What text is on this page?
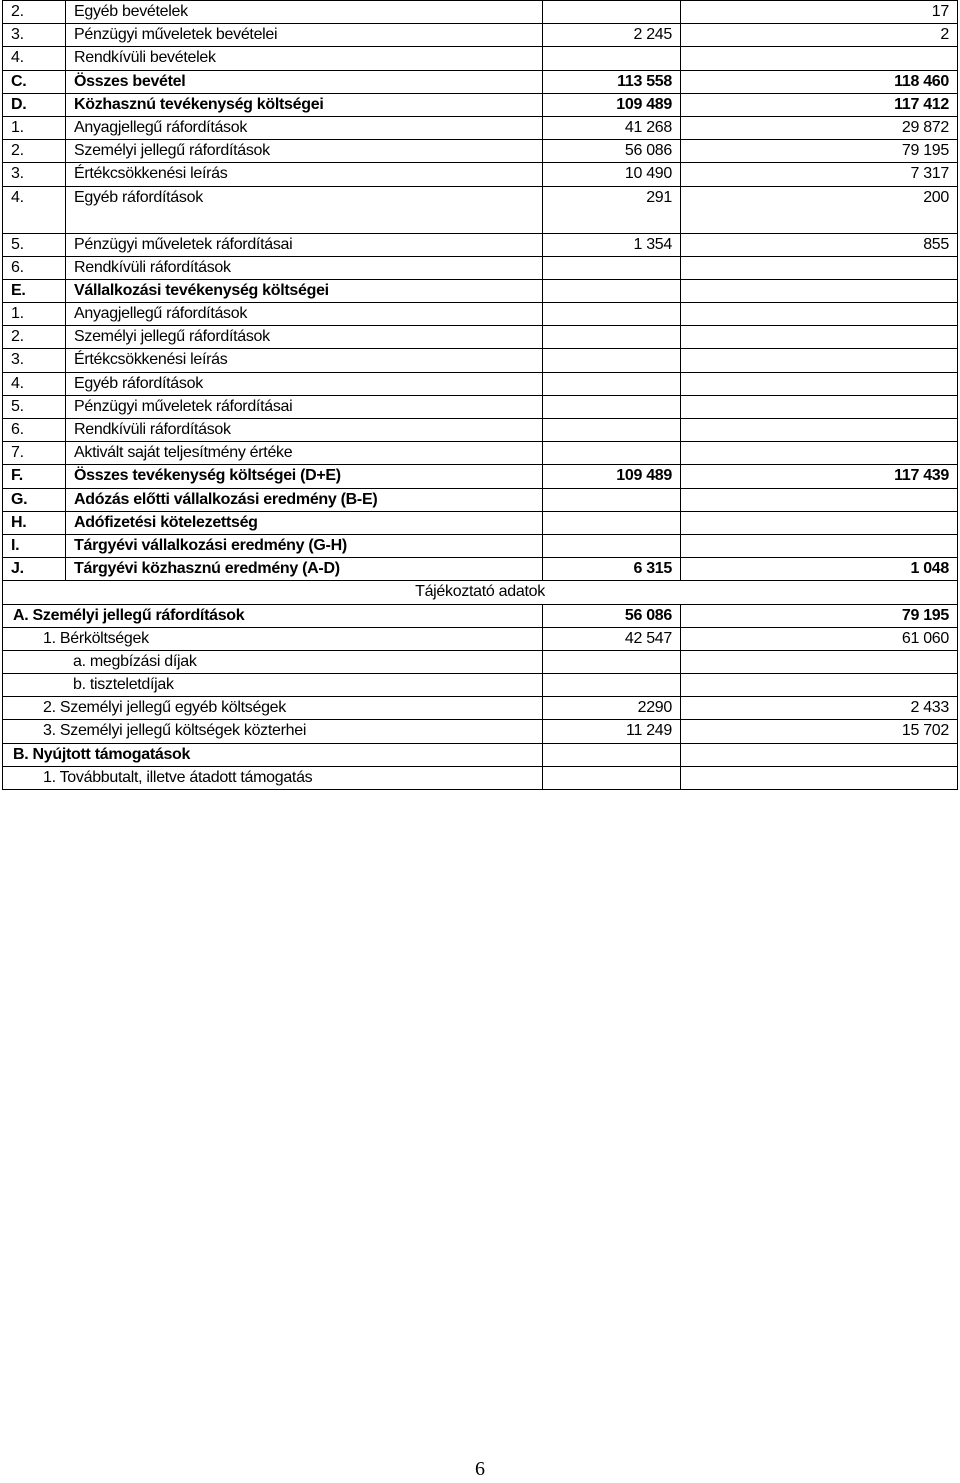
2.	Egyéb bevételek		17
3.	Pénzügyi műveletek bevételei	2 245	2
4.	Rendkívüli bevételek		
C.	Összes bevétel	113 558	118 460
D.	Közhasznú tevékenység költségei	109 489	117 412
1.	Anyagjellegű ráfordítások	41 268	29 872
2.	Személyi jellegű ráfordítások	56 086	79 195
3.	Értékcsökkenési leírás	10 490	7 317
4.	Egyéb ráfordítások	291	200
5.	Pénzügyi műveletek ráfordításai	1 354	855
6.	Rendkívüli ráfordítások		
E.	Vállalkozási tevékenység költségei		
1.	Anyagjellegű ráfordítások		
2.	Személyi jellegű ráfordítások		
3.	Értékcsökkenési leírás		
4.	Egyéb ráfordítások		
5.	Pénzügyi műveletek ráfordításai		
6.	Rendkívüli ráfordítások		
7.	Aktivált saját teljesítmény értéke		
F.	Összes tevékenység költségei (D+E)	109 489	117 439
G.	Adózás előtti vállalkozási eredmény (B-E)		
H.	Adófizetési kötelezettség		
I.	Tárgyévi vállalkozási eredmény (G-H)		
J.	Tárgyévi közhasznú eredmény (A-D)	6 315	1 048
Tájékoztató adatok			
A. Személyi jellegű ráfordítások		56 086	79 195
1. Bérköltségek		42 547	61 060
a. megbízási díjak			
b. tiszteletdíjak			
2. Személyi jellegű egyéb költségek		2290	2 433
3. Személyi jellegű költségek közterhei		11 249	15 702
B. Nyújtott támogatások			
1. Továbbutalt, illetve átadott támogatás			
6
